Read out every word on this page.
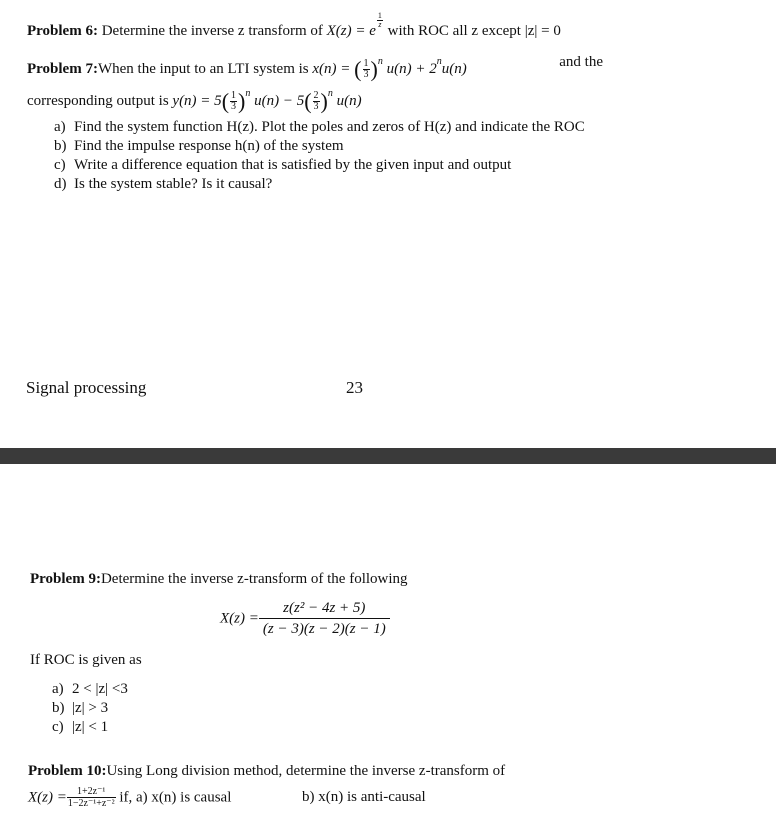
Problem 6: Determine the inverse z transform of X(z) = e
$\frac{1}{z}$
with ROC all z except |z| = 0
Problem 7:When the input to an LTI system is x(n) = ( $\frac{1}{3} )^n$ $u(n) + 2^nu(n)$	and the
corresponding output is $y(n) = 5( \frac{1}{3} )^n$ $u(n) - 5( \frac{2}{3} )^n$ u(n)
a) Find the system function H(z). Plot the poles and zeros of H(z) and indicate the ROC
b) Find the impulse response h(n) of the system
c) Write a difference equation that is satisfied by the given input and output
d) Is the system stable? Is it causal?
Signal processing	23
Problem 9:Determine the inverse z-transform of the following
$X(z) = \frac{\text{z(z² − 4z + 5)}}{(z - 3)(z - 2)(z - 1)}$
If ROC is given as
a) 2 < |z| <3
b) |z| > 3
c) |z| < 1
Problem 10:Using Long division method, determine the inverse z-transform of
$X(z) = \frac{\text{1+2z⁻¹}}{\text{1−2z⁻¹+z⁻²}}$ if, a) x(n) is causal	b) x(n) is anti-causal
